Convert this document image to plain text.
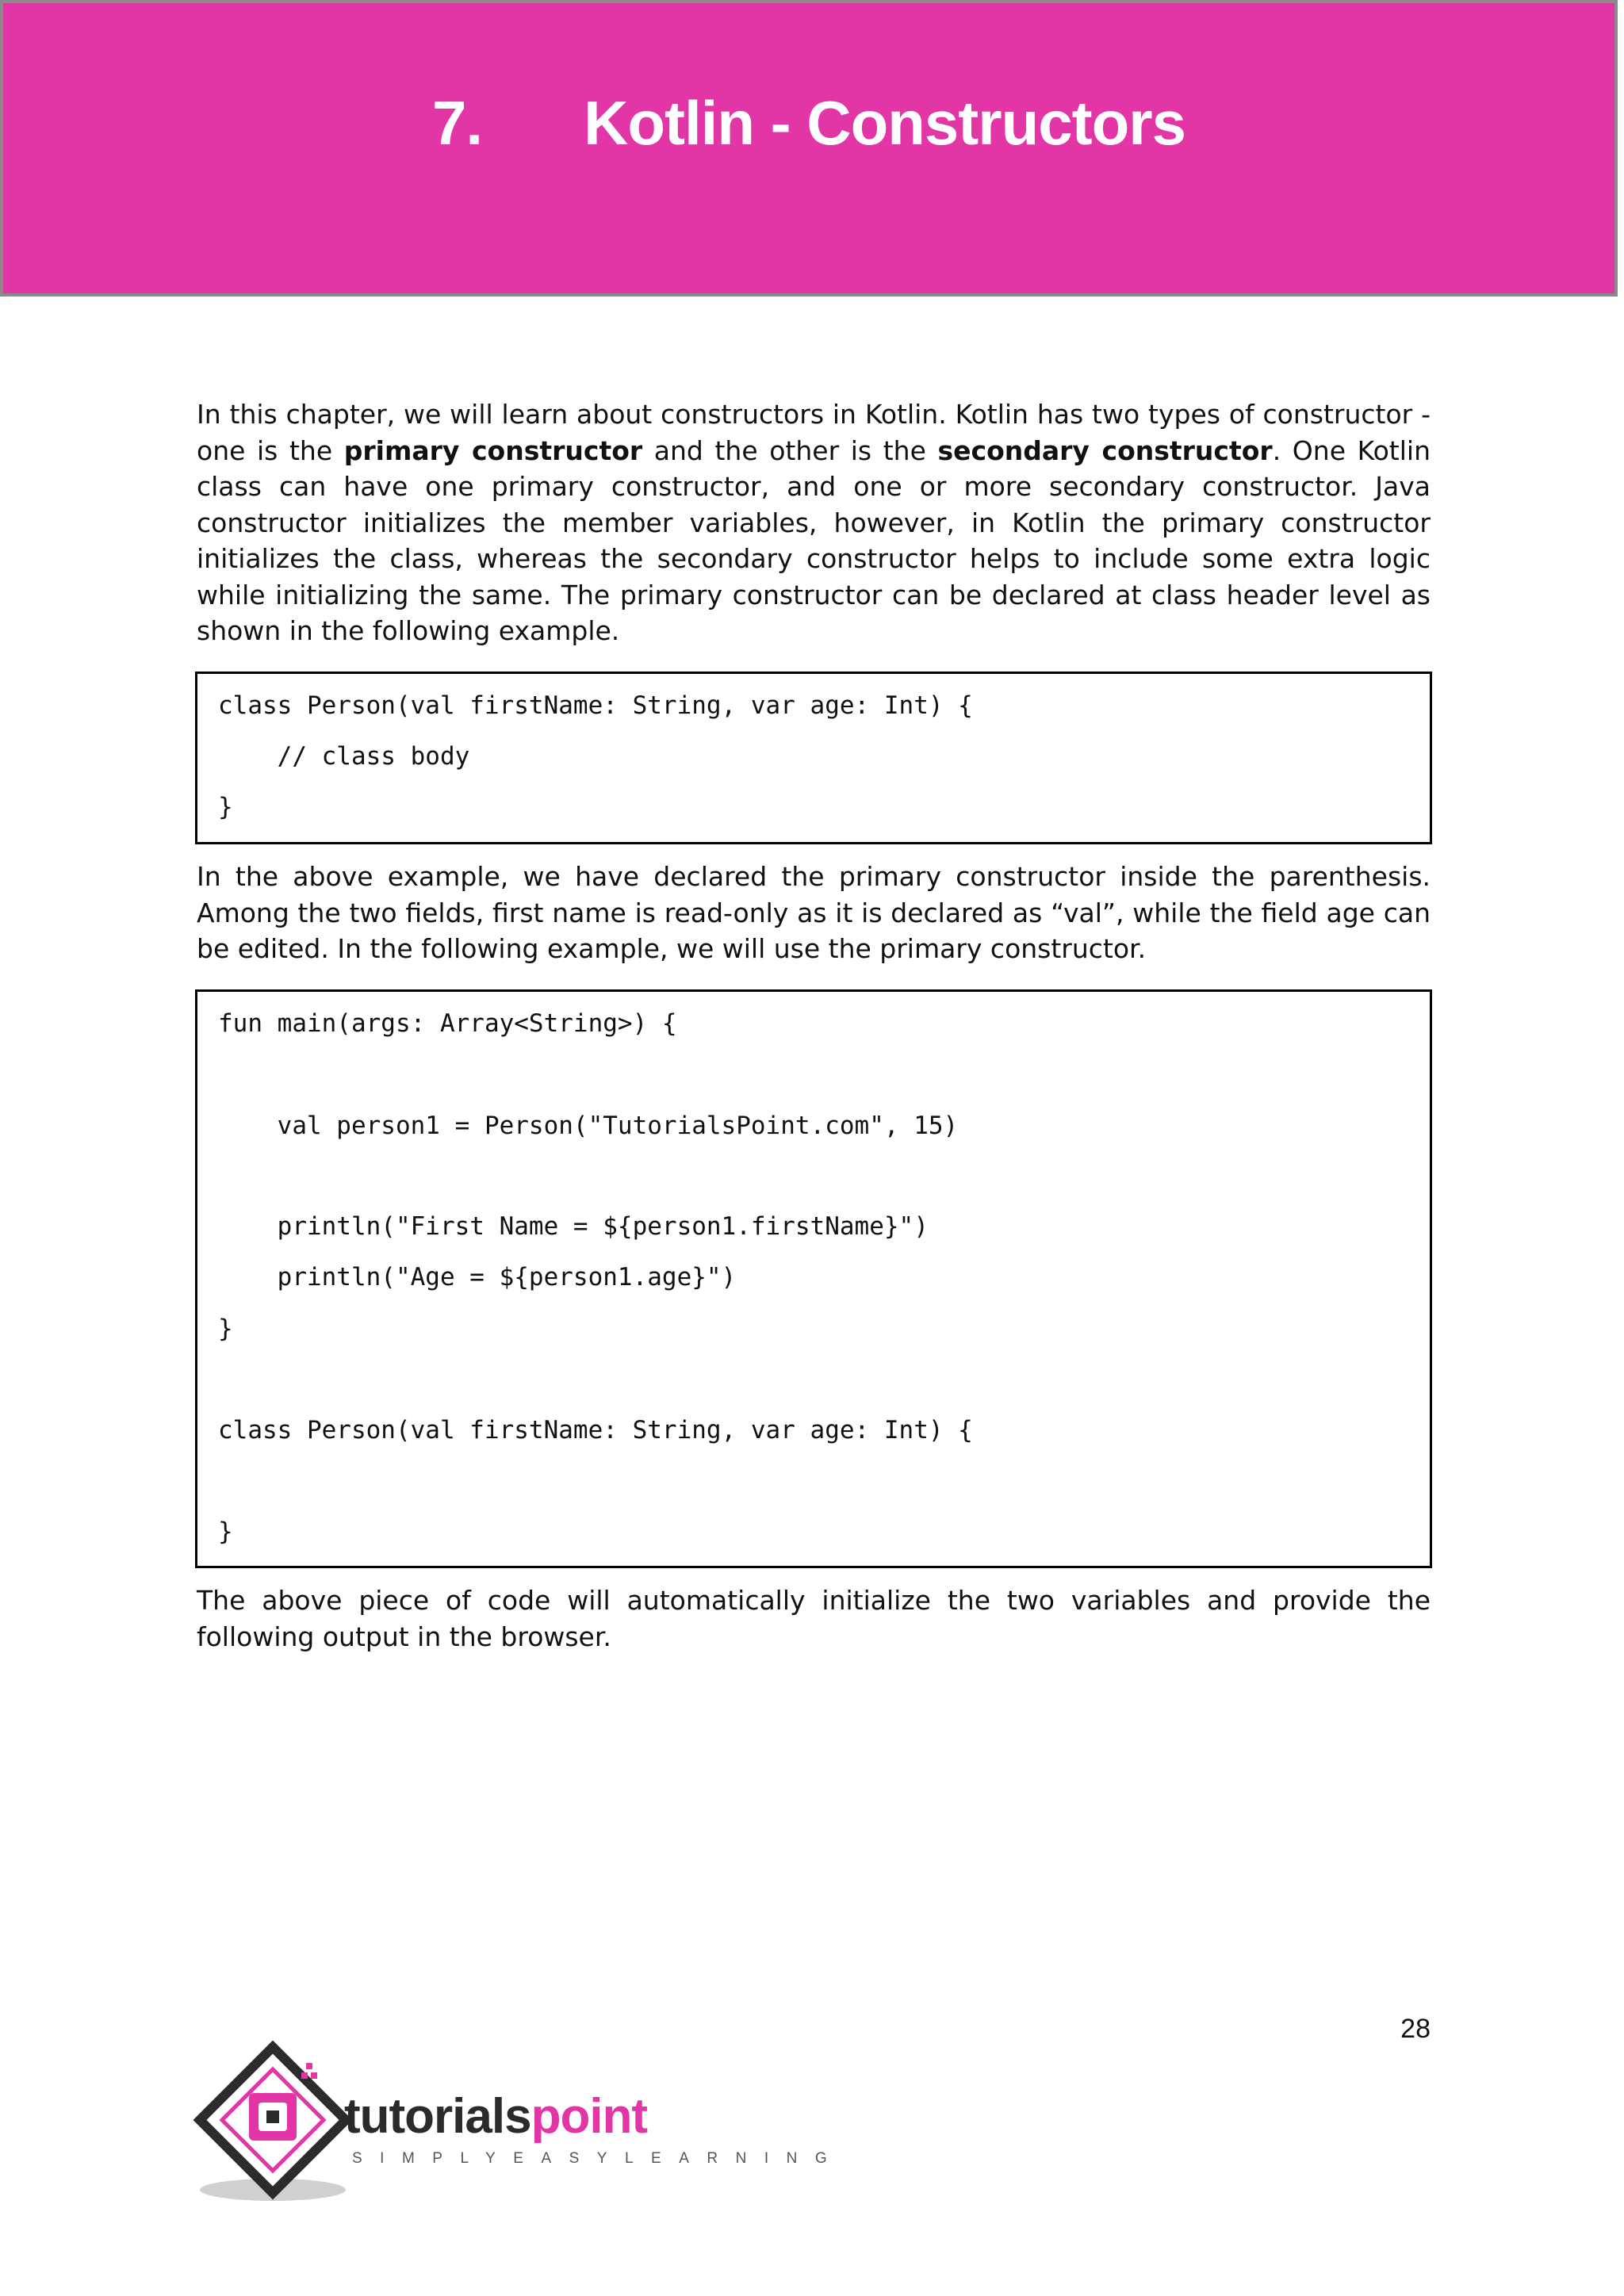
7. Kotlin - Constructors
In this chapter, we will learn about constructors in Kotlin. Kotlin has two types of constructor - one is the primary constructor and the other is the secondary constructor. One Kotlin class can have one primary constructor, and one or more secondary constructor. Java constructor initializes the member variables, however, in Kotlin the primary constructor initializes the class, whereas the secondary constructor helps to include some extra logic while initializing the same. The primary constructor can be declared at class header level as shown in the following example.
class Person(val firstName: String, var age: Int) {
// class body
}
In the above example, we have declared the primary constructor inside the parenthesis. Among the two fields, first name is read-only as it is declared as “val”, while the field age can be edited. In the following example, we will use the primary constructor.
fun main(args: Array<String>) {
val person1 = Person("TutorialsPoint.com", 15)
println("First Name = ${person1.firstName}")
println("Age = ${person1.age}")
}
class Person(val firstName: String, var age: Int) {
}
The above piece of code will automatically initialize the two variables and provide the following output in the browser.
28
tutorialspoint
SIMPLYEASYLEARNING
